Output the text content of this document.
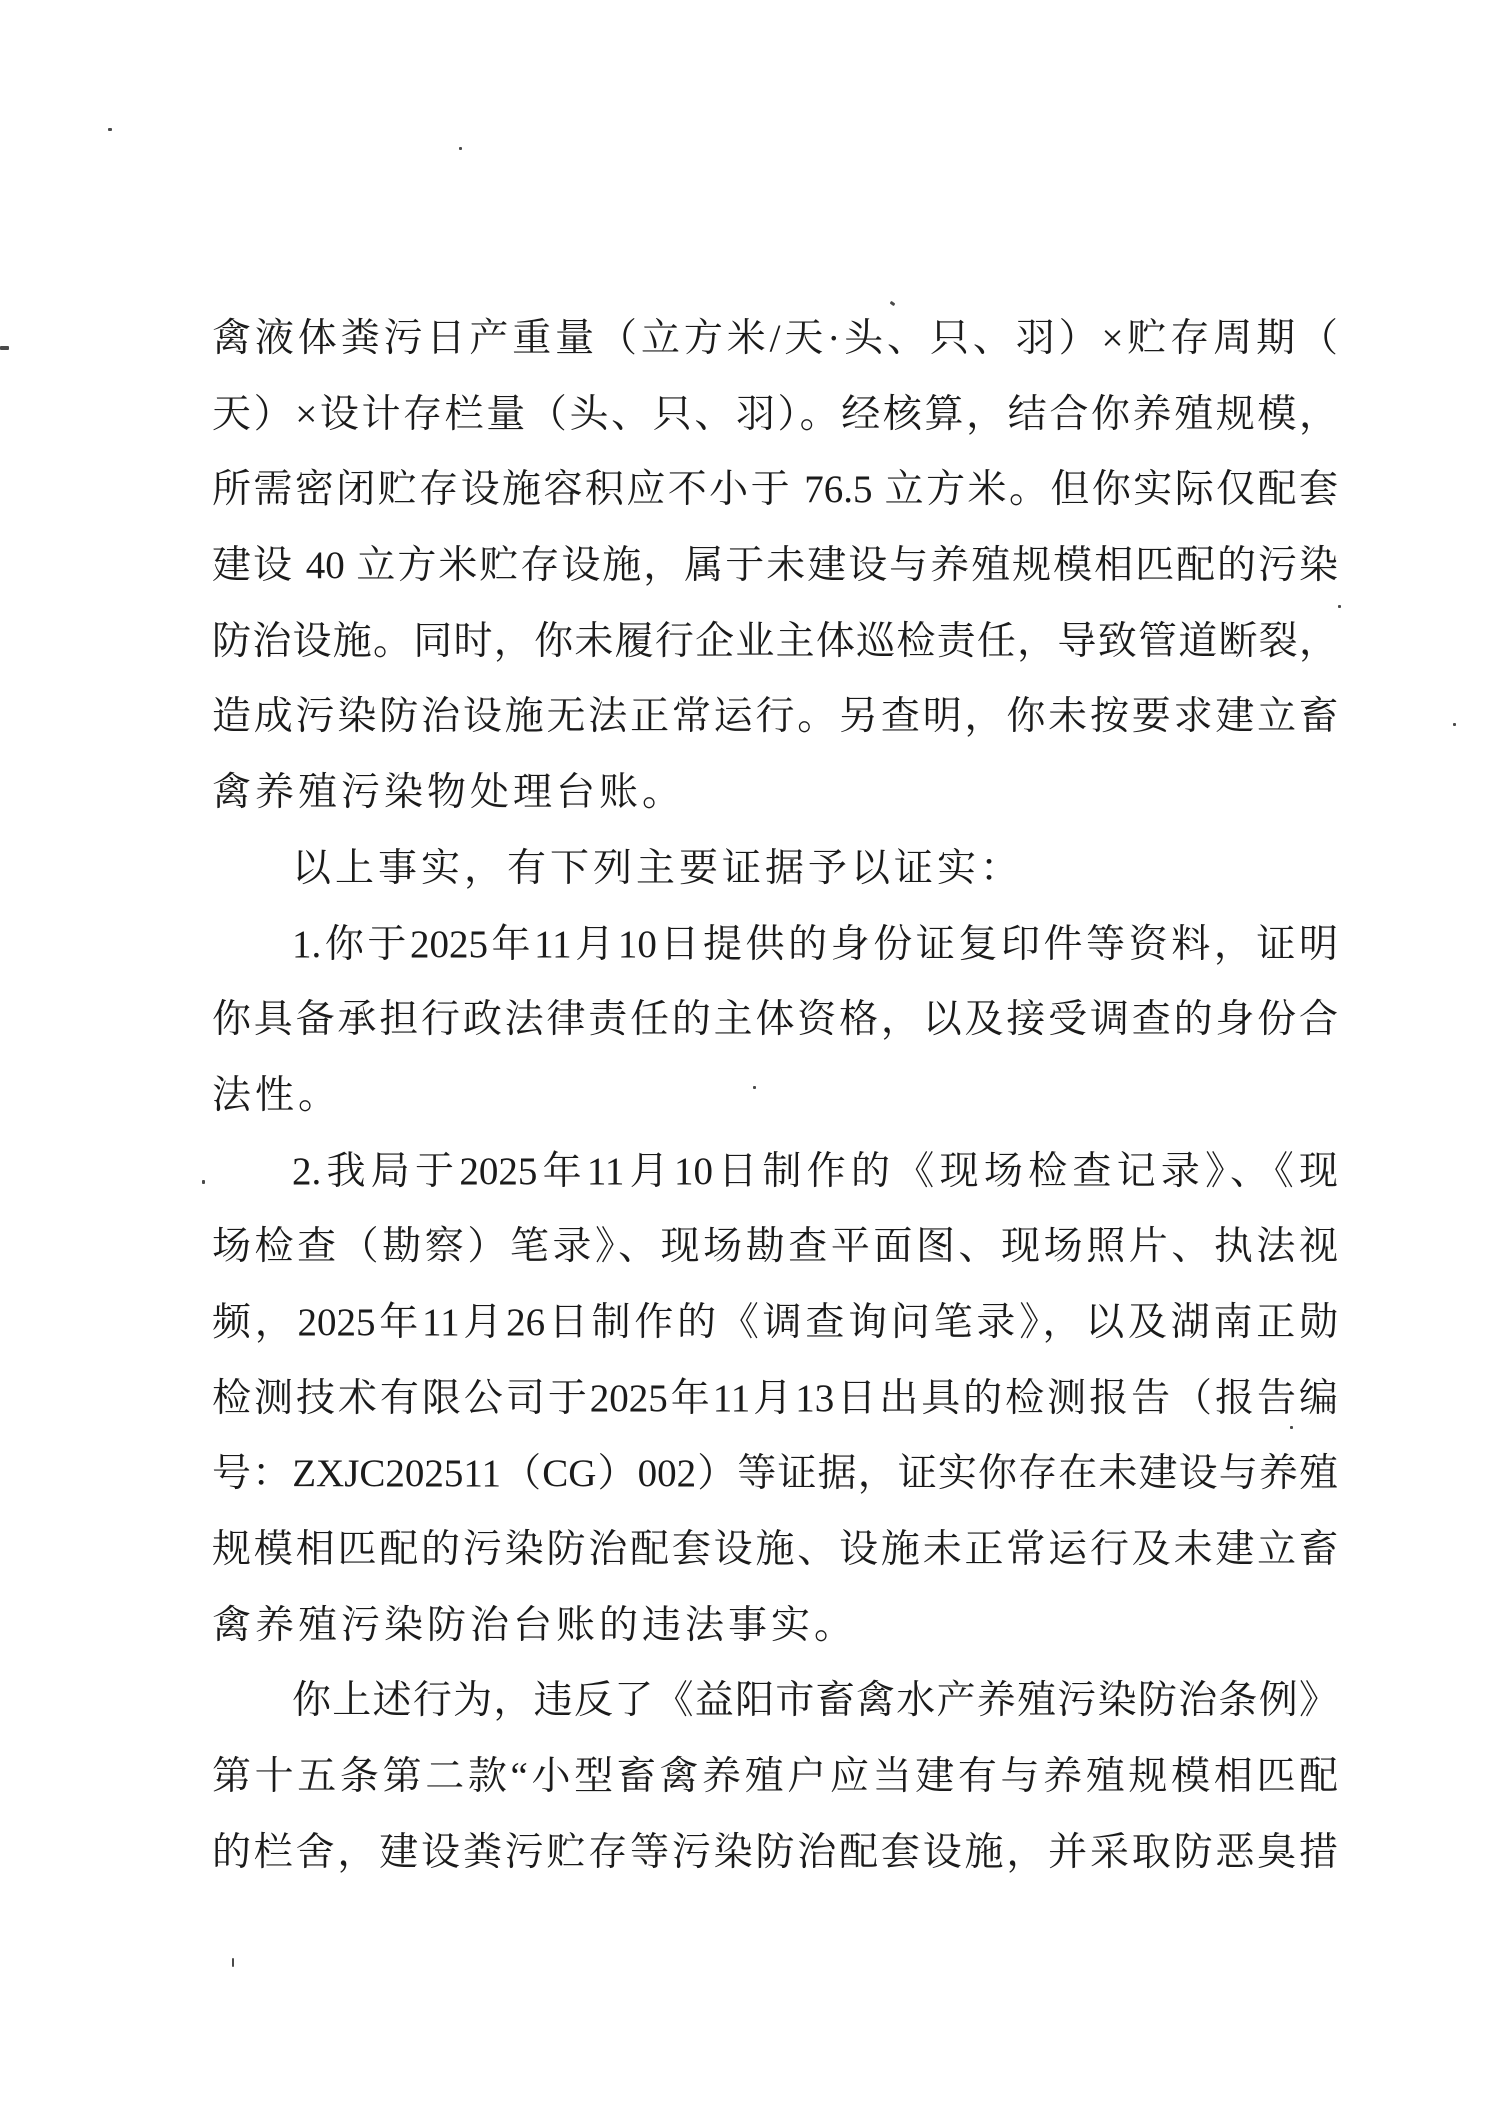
禽液体粪污日产重量（立方米/天·头、只、羽）×贮存周期（
天）×设计存栏量（头、只、羽）。经核算，结合你养殖规模，
所需密闭贮存设施容积应不小于 76.5 立方米。但你实际仅配套
建设 40 立方米贮存设施，属于未建设与养殖规模相匹配的污染
防治设施。同时，你未履行企业主体巡检责任，导致管道断裂，
造成污染防治设施无法正常运行。另查明，你未按要求建立畜
禽养殖污染物处理台账。
以上事实，有下列主要证据予以证实：
1.你于2025年11月10日提供的身份证复印件等资料，证明
你具备承担行政法律责任的主体资格，以及接受调查的身份合
法性。
2.我局于2025年11月10日制作的《现场检查记录》、《现
场检查（勘察）笔录》、现场勘查平面图、现场照片、执法视
频，2025年11月26日制作的《调查询问笔录》，以及湖南正勋
检测技术有限公司于2025年11月13日出具的检测报告（报告编
号：ZXJC202511（CG）002）等证据，证实你存在未建设与养殖
规模相匹配的污染防治配套设施、设施未正常运行及未建立畜
禽养殖污染防治台账的违法事实。
你上述行为，违反了《益阳市畜禽水产养殖污染防治条例》
第十五条第二款“小型畜禽养殖户应当建有与养殖规模相匹配
的栏舍，建设粪污贮存等污染防治配套设施，并采取防恶臭措
